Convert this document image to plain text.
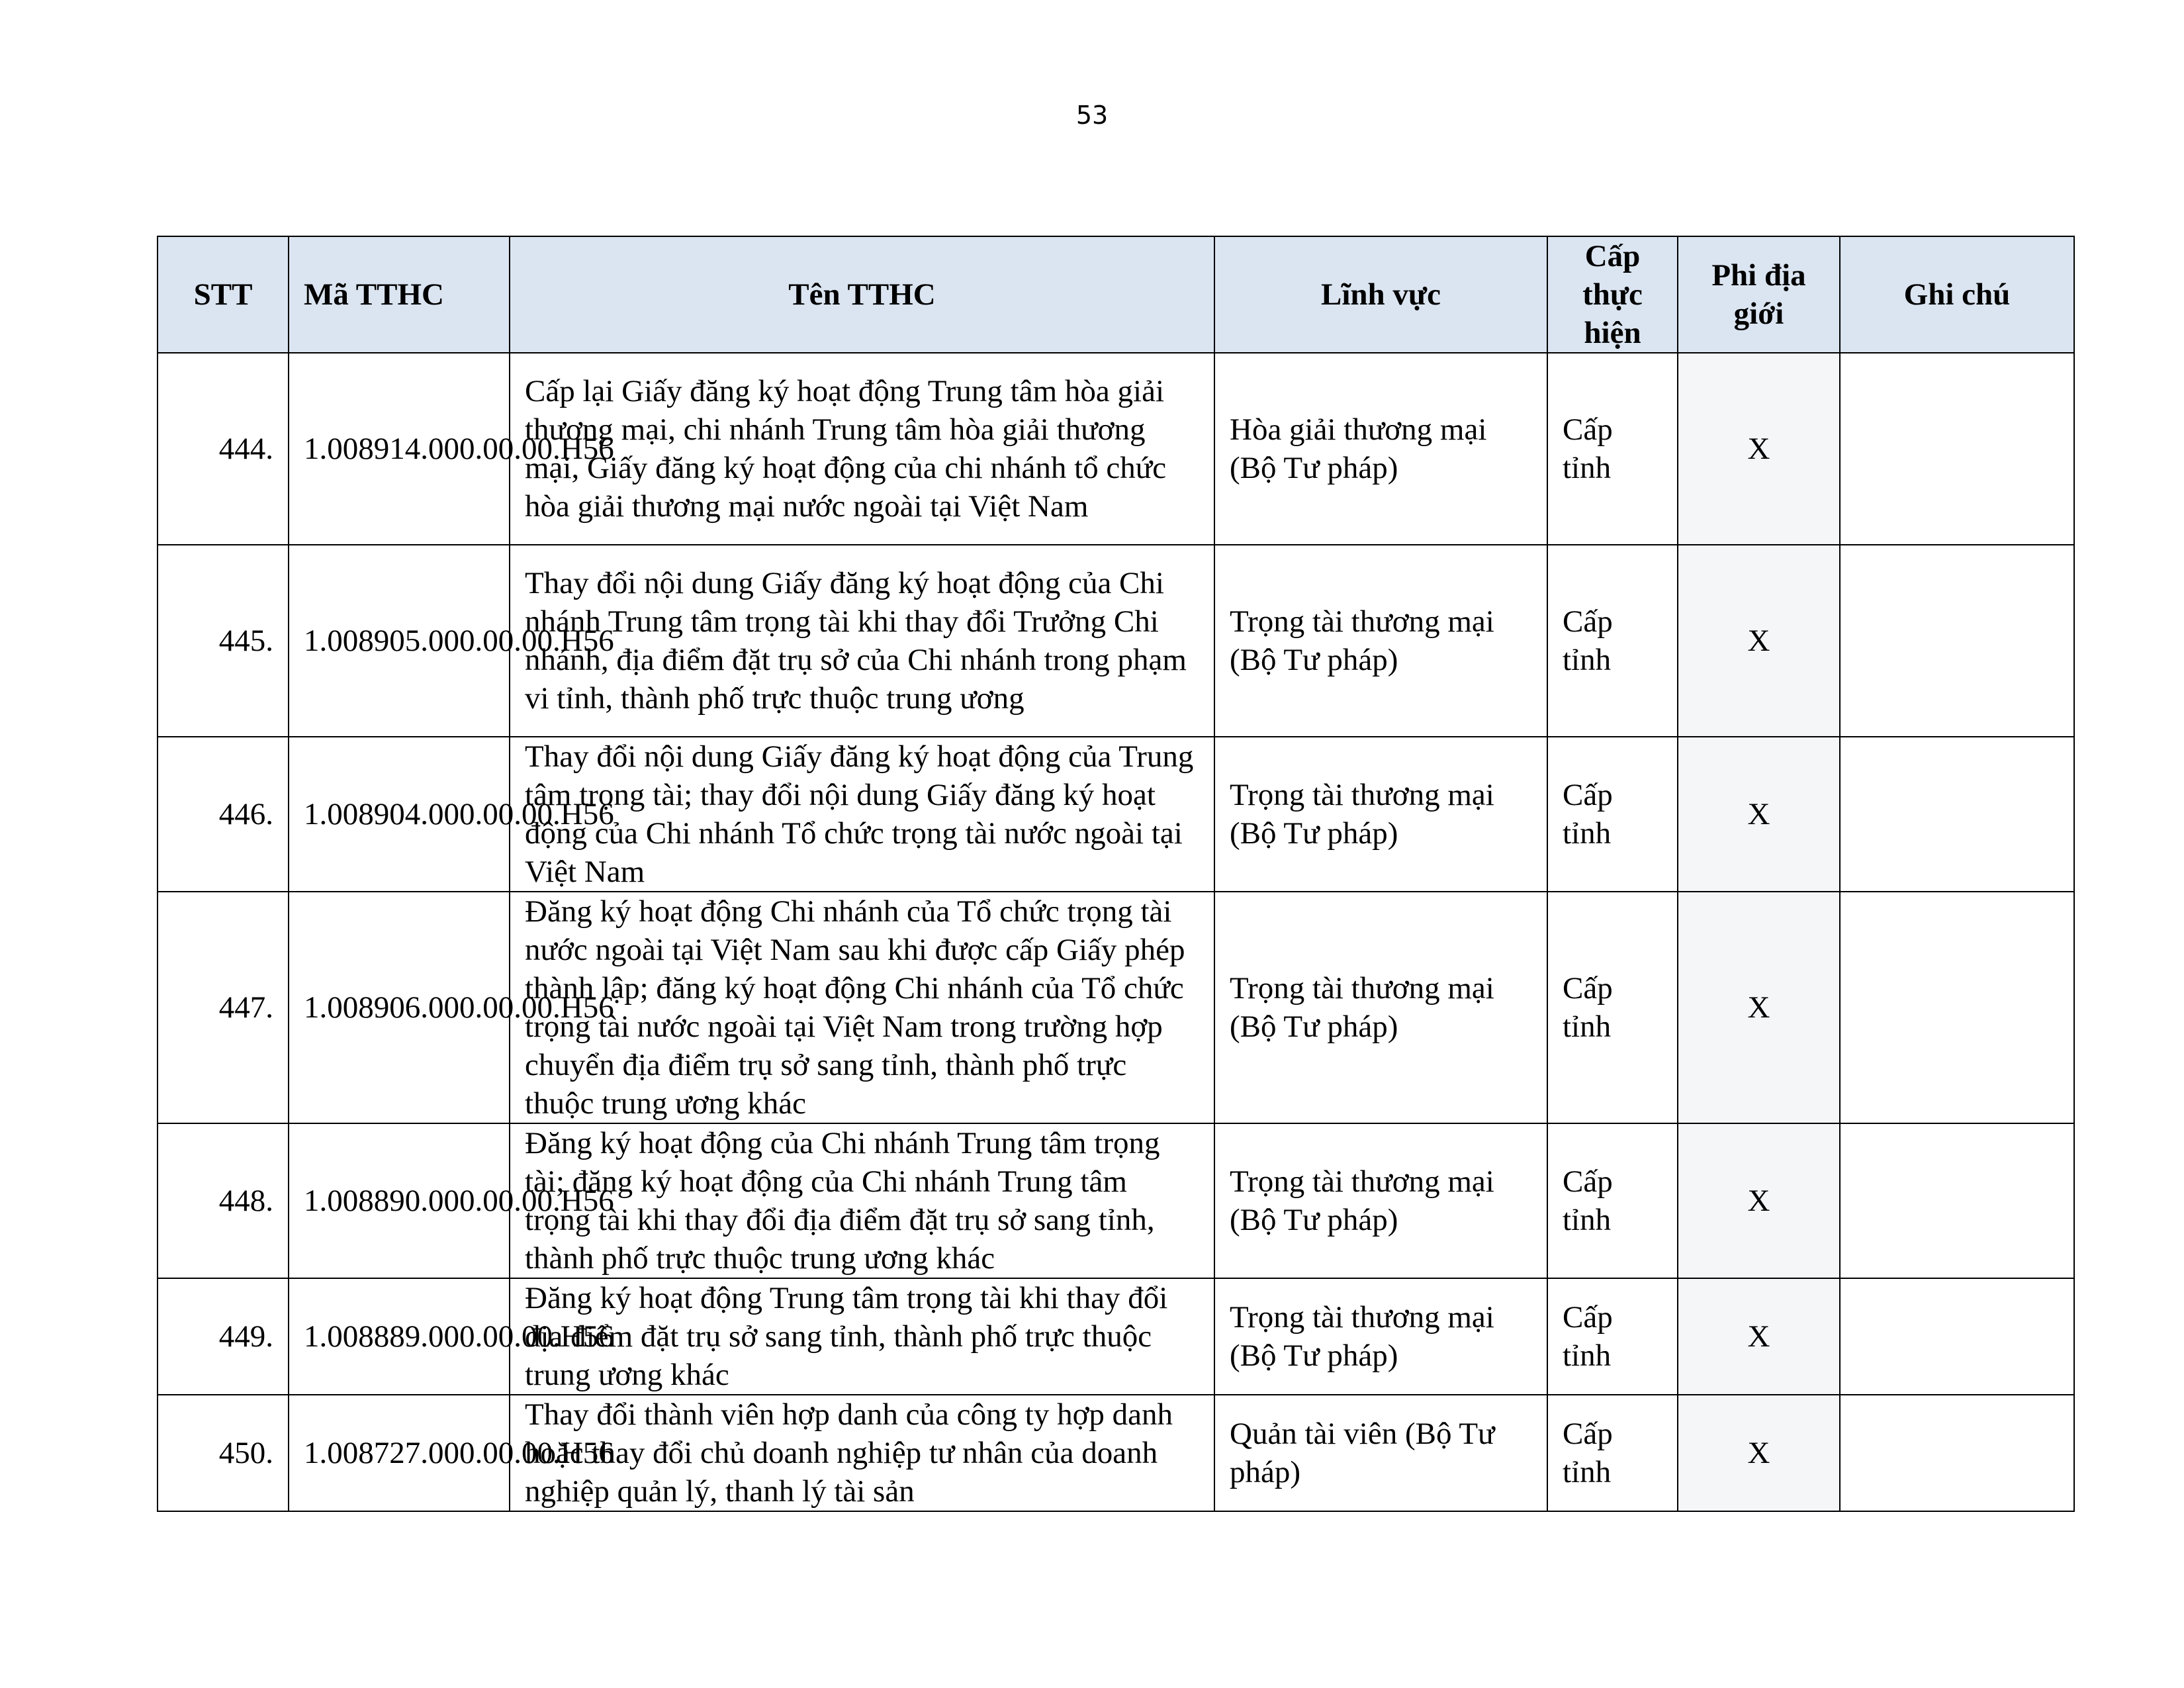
53
STT	Mã TTHC	Tên TTHC	Lĩnh vực	Cấp thực hiện	Phi địa giới	Ghi chú
444.	1.008914.000.00.00.H56	Cấp lại Giấy đăng ký hoạt động Trung tâm hòa giải thương mại, chi nhánh Trung tâm hòa giải thương mại, Giấy đăng ký hoạt động của chi nhánh tổ chức hòa giải thương mại nước ngoài tại Việt Nam	Hòa giải thương mại (Bộ Tư pháp)	Cấp tỉnh	X	
445.	1.008905.000.00.00.H56	Thay đổi nội dung Giấy đăng ký hoạt động của Chi nhánh Trung tâm trọng tài khi thay đổi Trưởng Chi nhánh, địa điểm đặt trụ sở của Chi nhánh trong phạm vi tỉnh, thành phố trực thuộc trung ương	Trọng tài thương mại (Bộ Tư pháp)	Cấp tỉnh	X	
446.	1.008904.000.00.00.H56	Thay đổi nội dung Giấy đăng ký hoạt động của Trung tâm trọng tài; thay đổi nội dung Giấy đăng ký hoạt động của Chi nhánh Tổ chức trọng tài nước ngoài tại Việt Nam	Trọng tài thương mại (Bộ Tư pháp)	Cấp tỉnh	X	
447.	1.008906.000.00.00.H56	Đăng ký hoạt động Chi nhánh của Tổ chức trọng tài nước ngoài tại Việt Nam sau khi được cấp Giấy phép thành lập; đăng ký hoạt động Chi nhánh của Tổ chức trọng tài nước ngoài tại Việt Nam trong trường hợp chuyển địa điểm trụ sở sang tỉnh, thành phố trực thuộc trung ương khác	Trọng tài thương mại (Bộ Tư pháp)	Cấp tỉnh	X	
448.	1.008890.000.00.00.H56	Đăng ký hoạt động của Chi nhánh Trung tâm trọng tài; đăng ký hoạt động của Chi nhánh Trung tâm trọng tài khi thay đổi địa điểm đặt trụ sở sang tỉnh, thành phố trực thuộc trung ương khác	Trọng tài thương mại (Bộ Tư pháp)	Cấp tỉnh	X	
449.	1.008889.000.00.00.H56	Đăng ký hoạt động Trung tâm trọng tài khi thay đổi địa điểm đặt trụ sở sang tỉnh, thành phố trực thuộc trung ương khác	Trọng tài thương mại (Bộ Tư pháp)	Cấp tỉnh	X	
450.	1.008727.000.00.00.H56	Thay đổi thành viên hợp danh của công ty hợp danh hoặc thay đổi chủ doanh nghiệp tư nhân của doanh nghiệp quản lý, thanh lý tài sản	Quản tài viên (Bộ Tư pháp)	Cấp tỉnh	X	
